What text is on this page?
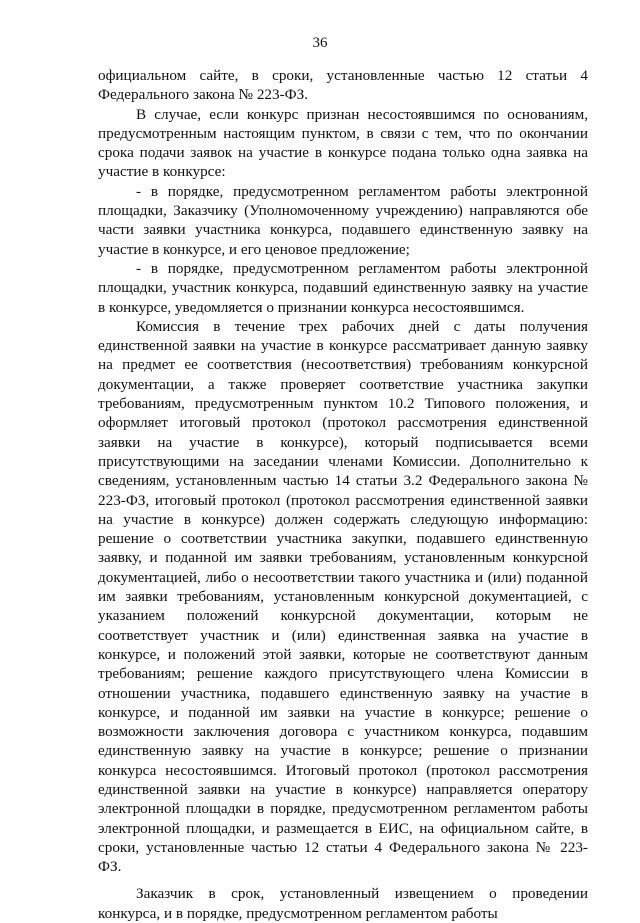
36

официальном сайте, в сроки, установленные частью 12 статьи 4

Федерального закона № 223-ФЗ.

В случае, если конкурс признан несостоявшимся по основаниям,

предусмотренным настоящим пунктом, в связи с тем, что по окончании

срока подачи заявок на участие в конкурсе подана только одна заявка на

участие в конкурсе:

- в порядке, предусмотренном регламентом работы электронной

площадки, Заказчику (Уполномоченному учреждению) направляются обе

части заявки участника конкурса, подавшего единственную заявку на

участие в конкурсе, и его ценовое предложение;

- в порядке, предусмотренном регламентом работы электронной

площадки, участник конкурса, подавший единственную заявку на участие

в конкурсе, уведомляется о признании конкурса несостоявшимся.

Комиссия в течение трех рабочих дней с даты получения

единственной заявки на участие в конкурсе рассматривает данную заявку

на предмет ее соответствия (несоответствия) требованиям конкурсной

документации, а также проверяет соответствие участника закупки

требованиям, предусмотренным пунктом 10.2 Типового положения, и

оформляет итоговый протокол (протокол рассмотрения единственной

заявки на участие в конкурсе), который подписывается всеми

присутствующими на заседании членами Комиссии. Дополнительно к

сведениям, установленным частью 14 статьи 3.2 Федерального закона №

223-ФЗ, итоговый протокол (протокол рассмотрения единственной заявки

на участие в конкурсе) должен содержать следующую информацию:

решение о соответствии участника закупки, подавшего единственную

заявку, и поданной им заявки требованиям, установленным конкурсной

документацией, либо о несоответствии такого участника и (или) поданной

им заявки требованиям, установленным конкурсной документацией, с

указанием положений конкурсной документации, которым не

соответствует участник и (или) единственная заявка на участие в

конкурсе, и положений этой заявки, которые не соответствуют данным

требованиям; решение каждого присутствующего члена Комиссии в

отношении участника, подавшего единственную заявку на участие в

конкурсе, и поданной им заявки на участие в конкурсе; решение о

возможности заключения договора с участником конкурса, подавшим

единственную заявку на участие в конкурсе; решение о признании

конкурса несостоявшимся. Итоговый протокол (протокол рассмотрения

единственной заявки на участие в конкурсе) направляется оператору

электронной площадки в порядке, предусмотренном регламентом работы

электронной площадки, и размещается в ЕИС, на официальном сайте, в

сроки, установленные частью 12 статьи 4 Федерального закона № 223-

ФЗ.

Заказчик в срок, установленный извещением о проведении

конкурса, и в порядке, предусмотренном регламентом работы
